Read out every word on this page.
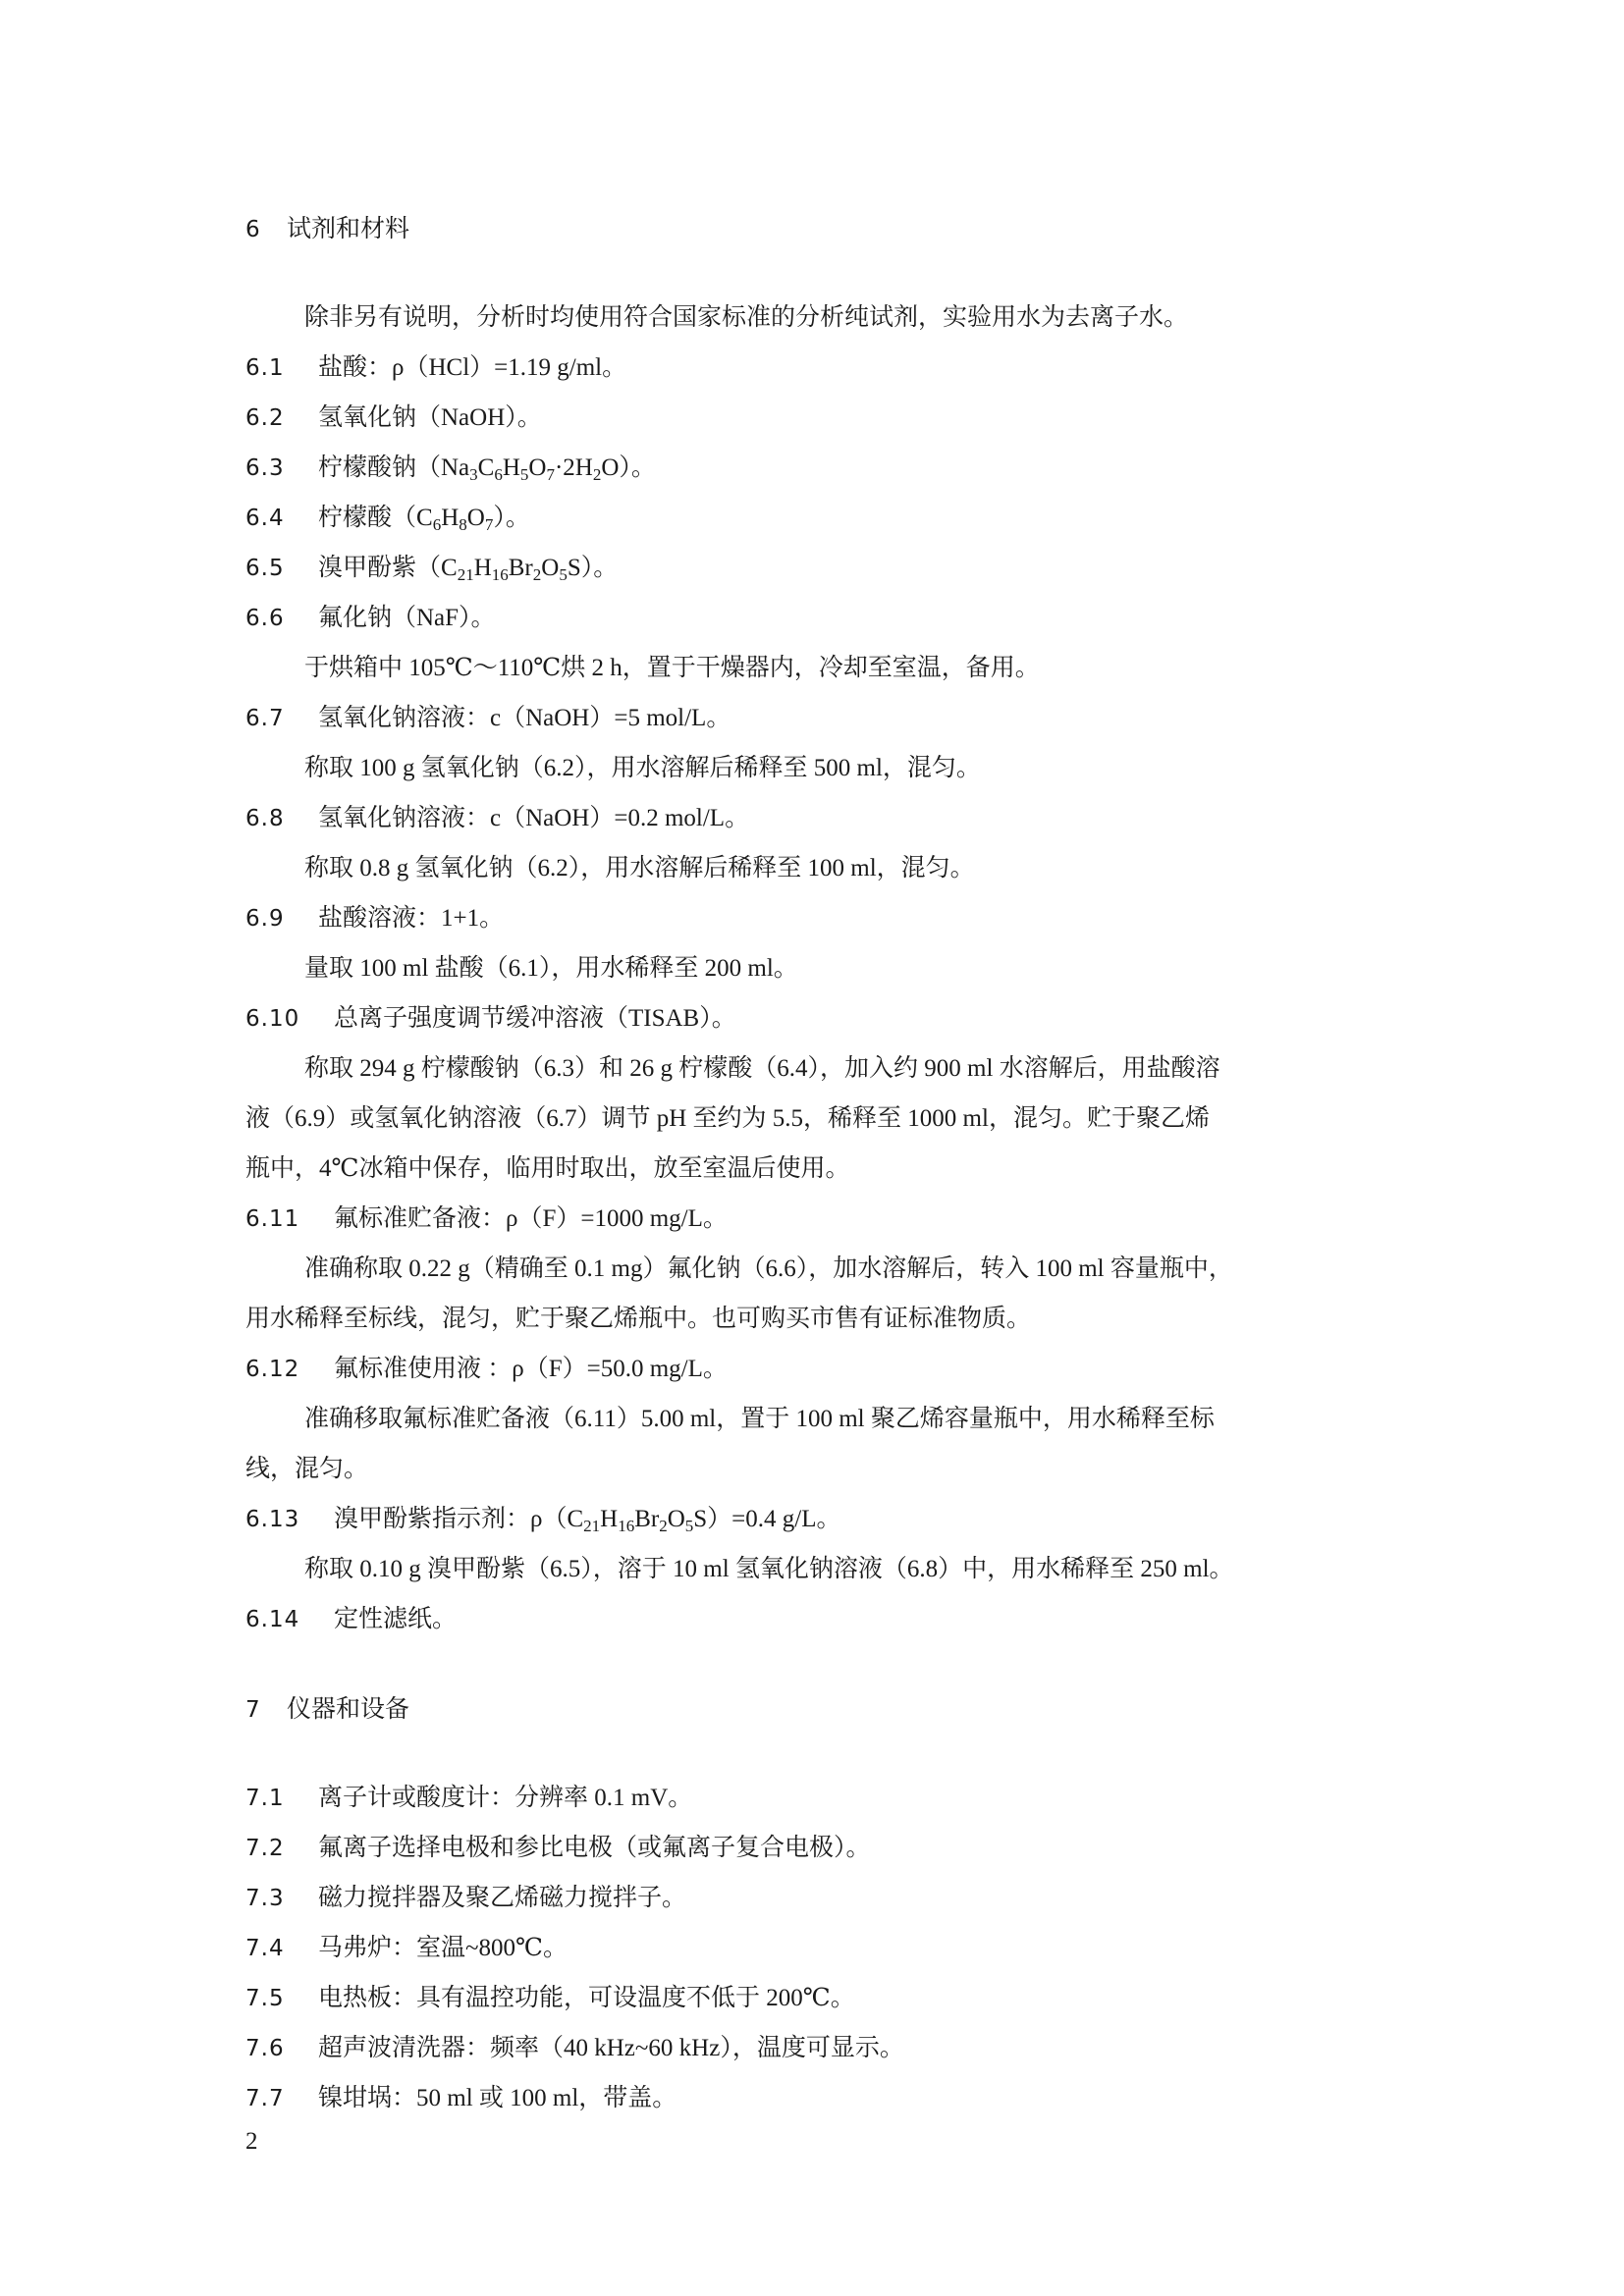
6 试剂和材料
除非另有说明，分析时均使用符合国家标准的分析纯试剂，实验用水为去离子水。
6.1 盐酸：ρ（HCl）=1.19 g/ml。
6.2 氢氧化钠（NaOH）。
6.3 柠檬酸钠$(Na_3C_6H_5O_7\cdot 2H_2O)$。
6.4 柠檬酸$(C_6H_8O_7)$。
6.5 溴甲酚紫$(C_{21}H_{16}Br_2O_5S)$。
6.6 氟化钠（NaF）。
于烘箱中 105℃～110℃烘 2 h，置于干燥器内，冷却至室温，备用。
6.7 氢氧化钠溶液：c（NaOH）=5 mol/L。
称取 100 g 氢氧化钠（6.2），用水溶解后稀释至 500 ml，混匀。
6.8 氢氧化钠溶液：c（NaOH）=0.2 mol/L。
称取 0.8 g 氢氧化钠（6.2），用水溶解后稀释至 100 ml，混匀。
6.9 盐酸溶液：1+1。
量取 100 ml 盐酸（6.1），用水稀释至 200 ml。
6.10 总离子强度调节缓冲溶液（TISAB）。
称取 294 g 柠檬酸钠（6.3）和 26 g 柠檬酸（6.4），加入约 900 ml 水溶解后，用盐酸溶
液（6.9）或氢氧化钠溶液（6.7）调节 pH 至约为 5.5，稀释至 1000 ml，混匀。贮于聚乙烯
瓶中，4℃冰箱中保存，临用时取出，放至室温后使用。
6.11 氟标准贮备液：ρ（F）=1000 mg/L。
准确称取 0.22 g（精确至 0.1 mg）氟化钠（6.6），加水溶解后，转入 100 ml 容量瓶中，
用水稀释至标线，混匀，贮于聚乙烯瓶中。也可购买市售有证标准物质。
6.12 氟标准使用液 ：ρ（F）=50.0 mg/L。
准确移取氟标准贮备液（6.11）5.00 ml，置于 100 ml 聚乙烯容量瓶中，用水稀释至标
线，混匀。
6.13 溴甲酚紫指示剂：$\rho(C_{21}H_{16}Br_2O_5S)=0.4$ g/L。
称取 0.10 g 溴甲酚紫（6.5），溶于 10 ml 氢氧化钠溶液（6.8）中，用水稀释至 250 ml。
6.14 定性滤纸。
7 仪器和设备
7.1 离子计或酸度计：分辨率 0.1 mV。
7.2 氟离子选择电极和参比电极（或氟离子复合电极）。
7.3 磁力搅拌器及聚乙烯磁力搅拌子。
7.4 马弗炉：室温~800℃。
7.5 电热板：具有温控功能，可设温度不低于 200℃。
7.6 超声波清洗器：频率（40 kHz~60 kHz），温度可显示。
7.7 镍坩埚：50 ml 或 100 ml，带盖。
2
